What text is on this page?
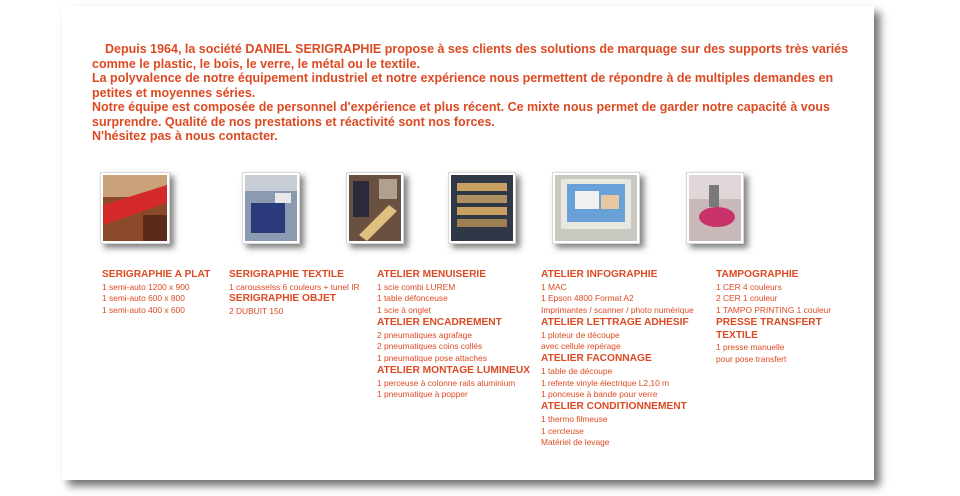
Depuis 1964, la société DANIEL SERIGRAPHIE propose à ses clients des solutions de marquage sur des supports très variés comme le plastic, le bois, le verre, le métal ou le textile.

La polyvalence de notre équipement industriel et notre expérience nous permettent de répondre à de multiples demandes en petites et moyennes séries.

Notre équipe est composée de personnel d'expérience et plus récent. Ce mixte nous permet de garder notre capacité à vous surprendre. Qualité de nos prestations et réactivité sont nos forces.

N'hésitez pas à nous contacter.

SERIGRAPHIE A PLAT
1 semi-auto 1200 x 900
1 semi-auto 600 x 800
1 semi-auto 400 x 600
SERIGRAPHIE TEXTILE
1 carousselss 6 couleurs + tunel IR
SERIGRAPHIE OBJET
2 DUBUIT 150
ATELIER MENUISERIE
1 scie combi LUREM
1 table défonceuse
1 scie à onglet
ATELIER ENCADREMENT
2 pneumatiques agrafage
2 pneumatiques coins collés
1 pneumatique pose attaches
ATELIER MONTAGE LUMINEUX
1 perceuse à colonne rails aluminium
1 pneumatique à popper
ATELIER INFOGRAPHIE
1 MAC
1 Epson 4800 Format A2
Imprimantes / scanner / photo numérique
ATELIER LETTRAGE ADHESIF
1 ploteur de découpe
avec cellule repérage
ATELIER FACONNAGE
1 table de découpe
1 refente vinyle électrique L2,10 m
1 ponceuse à bande pour verre
ATELIER CONDITIONNEMENT
1 thermo filmeuse
1 cercleuse
Matériel de levage
TAMPOGRAPHIE
1 CER 4 couleurs
2 CER 1 couleur
1 TAMPO PRINTING 1 couleur
PRESSE TRANSFERT TEXTILE
1 presse manuelle
pour pose transfert
